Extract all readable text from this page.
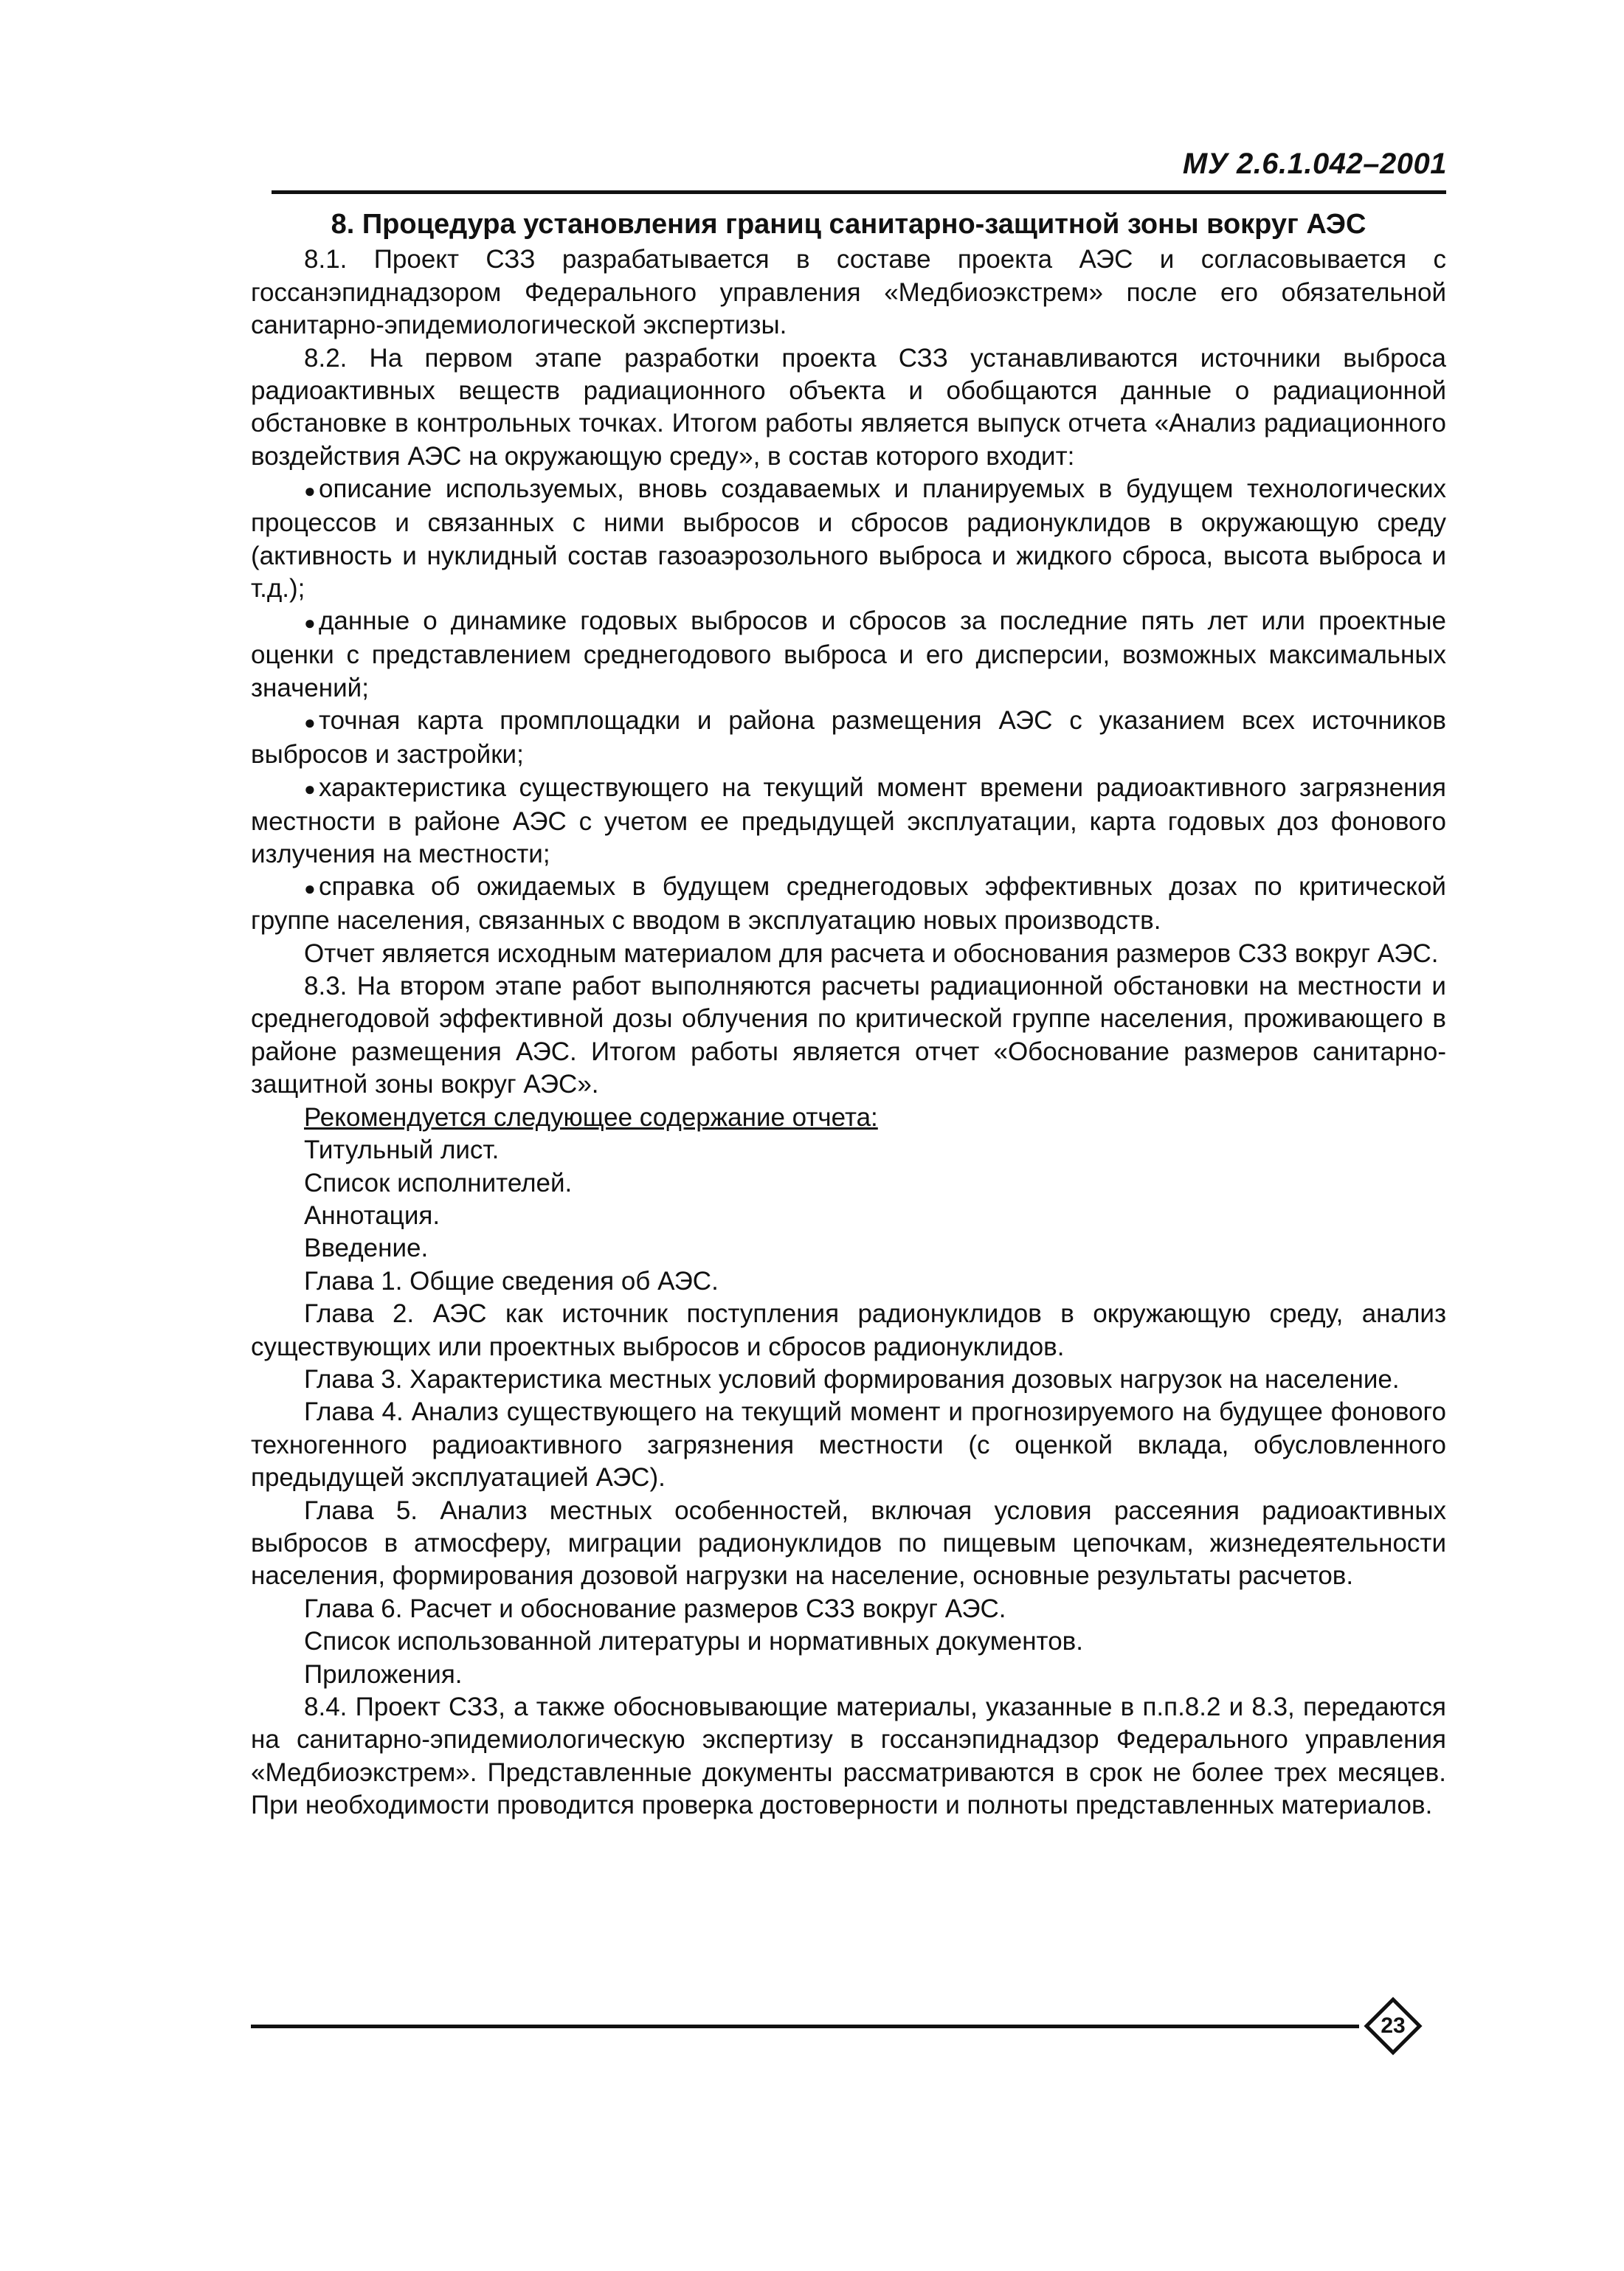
МУ 2.6.1.042–2001

8. Процедура установления границ санитарно-защитной зоны вокруг АЭС

8.1. Проект СЗЗ разрабатывается в составе проекта АЭС и согласовывается с госсанэпиднадзором Федерального управления «Медбиоэкстрем» после его обязательной санитарно-эпидемиологической экспертизы.

8.2. На первом этапе разработки проекта СЗЗ устанавливаются источники выброса радиоактивных веществ радиационного объекта и обобщаются данные о радиационной обстановке в контрольных точках. Итогом работы является выпуск отчета «Анализ радиационного воздействия АЭС на окружающую среду», в состав которого входит:

● описание используемых, вновь создаваемых и планируемых в будущем технологических процессов и связанных с ними выбросов и сбросов радионуклидов в окружающую среду (активность и нуклидный состав газоаэрозольного выброса и жидкого сброса, высота выброса и т.д.);

● данные о динамике годовых выбросов и сбросов за последние пять лет или проектные оценки с представлением среднегодового выброса и его дисперсии, возможных максимальных значений;

● точная карта промплощадки и района размещения АЭС с указанием всех источников выбросов и застройки;

● характеристика существующего на текущий момент времени радиоактивного загрязнения местности в районе АЭС с учетом ее предыдущей эксплуатации, карта годовых доз фонового излучения на местности;

● справка об ожидаемых в будущем среднегодовых эффективных дозах по критической группе населения, связанных с вводом в эксплуатацию новых производств.

Отчет является исходным материалом для расчета и обоснования размеров СЗЗ вокруг АЭС.

8.3. На втором этапе работ выполняются расчеты радиационной обстановки на местности и среднегодовой эффективной дозы облучения по критической группе населения, проживающего в районе размещения АЭС. Итогом работы является отчет «Обоснование размеров санитарно-защитной зоны вокруг АЭС».

Рекомендуется следующее содержание отчета:

Титульный лист.

Список исполнителей.

Аннотация.

Введение.

Глава 1. Общие сведения об АЭС.

Глава 2. АЭС как источник поступления радионуклидов в окружающую среду, анализ существующих или проектных выбросов и сбросов радионуклидов.

Глава 3. Характеристика местных условий формирования дозовых нагрузок на население.

Глава 4. Анализ существующего на текущий момент и прогнозируемого на будущее фонового техногенного радиоактивного загрязнения местности (с оценкой вклада, обусловленного предыдущей эксплуатацией АЭС).

Глава 5. Анализ местных особенностей, включая условия рассеяния радиоактивных выбросов в атмосферу, миграции радионуклидов по пищевым цепочкам, жизнедеятельности населения, формирования дозовой нагрузки на население, основные результаты расчетов.

Глава 6. Расчет и обоснование размеров СЗЗ вокруг АЭС.

Список использованной литературы и нормативных документов.

Приложения.

8.4. Проект СЗЗ, а также обосновывающие материалы, указанные в п.п.8.2 и 8.3, передаются на санитарно-эпидемиологическую экспертизу в госсанэпиднадзор Федерального управления «Медбиоэкстрем». Представленные документы рассматриваются в срок не более трех месяцев. При необходимости проводится проверка достоверности и полноты представленных материалов.

23
